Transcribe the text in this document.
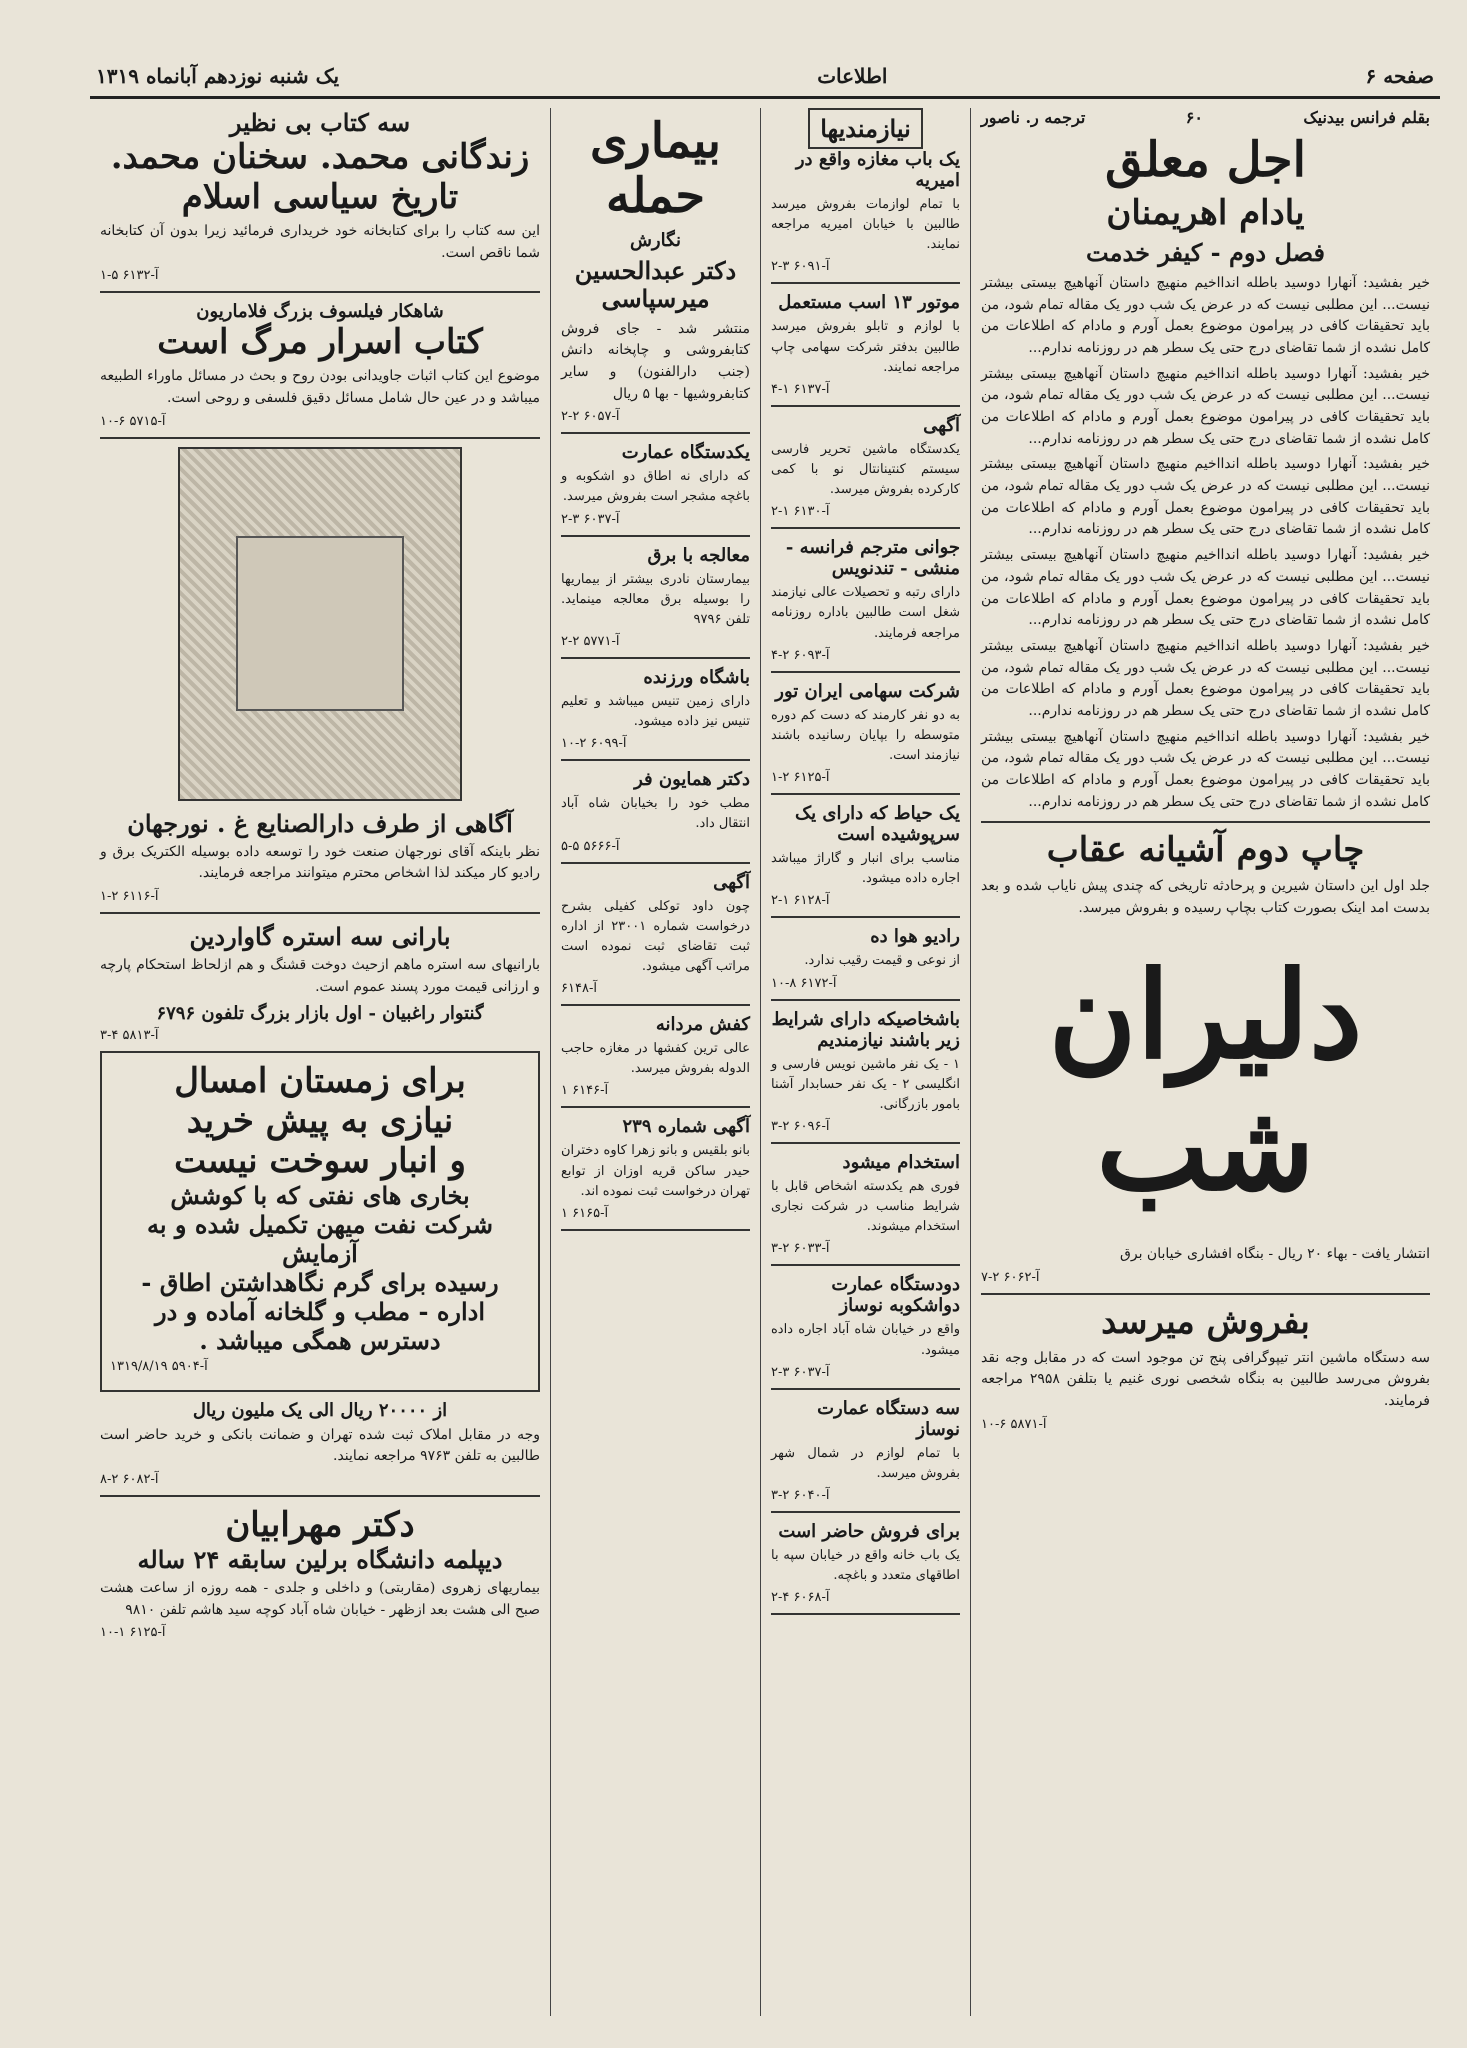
صفحه ۶
اطلاعات
یک شنبه نوزدهم آبانماه ۱۳۱۹
بقلم فرانس بیدنیک
۶۰
ترجمه ر. ناصور
اجل معلق
یادام اهریمنان
فصل دوم - کیفر خدمت

خیر بفشید: آنهارا دوسید باطله اندااخیم منهیچ داستان آنهاهیچ بیستی بیشتر نیست... این مطلبی نیست که در عرض یک شب دور یک مقاله تمام شود، من باید تحقیقات کافی در پیرامون موضوع بعمل آورم و مادام که اطلاعات من کامل نشده از شما تقاضای درج حتی یک سطر هم در روزنامه ندارم...

خیر بفشید: آنهارا دوسید باطله اندااخیم منهیچ داستان آنهاهیچ بیستی بیشتر نیست... این مطلبی نیست که در عرض یک شب دور یک مقاله تمام شود، من باید تحقیقات کافی در پیرامون موضوع بعمل آورم و مادام که اطلاعات من کامل نشده از شما تقاضای درج حتی یک سطر هم در روزنامه ندارم...

خیر بفشید: آنهارا دوسید باطله اندااخیم منهیچ داستان آنهاهیچ بیستی بیشتر نیست... این مطلبی نیست که در عرض یک شب دور یک مقاله تمام شود، من باید تحقیقات کافی در پیرامون موضوع بعمل آورم و مادام که اطلاعات من کامل نشده از شما تقاضای درج حتی یک سطر هم در روزنامه ندارم...

خیر بفشید: آنهارا دوسید باطله اندااخیم منهیچ داستان آنهاهیچ بیستی بیشتر نیست... این مطلبی نیست که در عرض یک شب دور یک مقاله تمام شود، من باید تحقیقات کافی در پیرامون موضوع بعمل آورم و مادام که اطلاعات من کامل نشده از شما تقاضای درج حتی یک سطر هم در روزنامه ندارم...

خیر بفشید: آنهارا دوسید باطله اندااخیم منهیچ داستان آنهاهیچ بیستی بیشتر نیست... این مطلبی نیست که در عرض یک شب دور یک مقاله تمام شود، من باید تحقیقات کافی در پیرامون موضوع بعمل آورم و مادام که اطلاعات من کامل نشده از شما تقاضای درج حتی یک سطر هم در روزنامه ندارم...

خیر بفشید: آنهارا دوسید باطله اندااخیم منهیچ داستان آنهاهیچ بیستی بیشتر نیست... این مطلبی نیست که در عرض یک شب دور یک مقاله تمام شود، من باید تحقیقات کافی در پیرامون موضوع بعمل آورم و مادام که اطلاعات من کامل نشده از شما تقاضای درج حتی یک سطر هم در روزنامه ندارم...

چاپ دوم آشیانه عقاب

جلد اول این داستان شیرین و پرحادثه تاریخی که چندی پیش نایاب شده و بعد بدست امد اینک بصورت کتاب بچاپ رسیده و بفروش میرسد.

دلیران شب

انتشار یافت - بهاء ۲۰ ریال - بنگاه افشاری خیابان برق

آ-۶۰۶۲ ۲-۷
بفروش میرسد

سه دستگاه ماشین انتر تیپوگرافی پنج تن موجود است که در مقابل وجه نقد بفروش می‌رسد طالبین به بنگاه شخصی نوری غنیم یا بتلفن ۲۹۵۸ مراجعه فرمایند.

آ-۵۸۷۱ ۶-۱۰
نیازمندیها
یک باب مغازه واقع در امیریه

با تمام لوازمات بفروش میرسد طالبین با خیابان امیریه مراجعه نمایند.

آ-۶۰۹۱ ۳-۲
موتور ۱۳ اسب مستعمل

با لوازم و تابلو بفروش میرسد طالبین بدفتر شرکت سهامی چاپ مراجعه نمایند.

آ-۶۱۳۷ ۱-۴
آگهی

یکدستگاه ماشین تحریر فارسی سیستم کنتینانتال نو با کمی کارکرده بفروش میرسد.

آ-۶۱۳۰ ۱-۲
جوانی مترجم فرانسه - منشی - تندنویس

دارای رتبه و تحصیلات عالی نیازمند شغل است طالبین باداره روزنامه مراجعه فرمایند.

آ-۶۰۹۳ ۲-۴
شرکت سهامی ایران تور

به دو نفر کارمند که دست کم دوره متوسطه را بپایان رسانیده باشند نیازمند است.

آ-۶۱۲۵ ۲-۱
یک حیاط که دارای یک سرپوشیده است

مناسب برای انبار و گاراژ میباشد اجاره داده میشود.

آ-۶۱۲۸ ۱-۲
رادیو هوا ده

از نوعی و قیمت رقیب ندارد.

آ-۶۱۷۲ ۸-۱۰
باشخاصیکه دارای شرایط زیر باشند نیازمندیم

۱ - یک نفر ماشین نویس فارسی و انگلیسی ۲ - یک نفر حسابدار آشنا بامور بازرگانی.

آ-۶۰۹۶ ۲-۳
استخدام میشود

فوری هم یکدسته اشخاص قابل با شرایط مناسب در شرکت نجاری استخدام میشوند.

آ-۶۰۳۳ ۲-۳
دودستگاه عمارت دواشکوبه نوساز

واقع در خیابان شاه آباد اجاره داده میشود.

آ-۶۰۳۷ ۳-۲
سه دستگاه عمارت نوساز

با تمام لوازم در شمال شهر بفروش میرسد.

آ-۶۰۴۰ ۲-۳
برای فروش حاضر است

یک باب خانه واقع در خیابان سپه با اطاقهای متعدد و باغچه.

آ-۶۰۶۸ ۴-۲
بیماری حمله
نگارش
دکتر عبدالحسین میرسپاسی

منتشر شد - جای فروش کتابفروشی و چاپخانه دانش (جنب دارالفنون) و سایر کتابفروشیها - بها ۵ ریال

آ-۶۰۵۷ ۲-۲
یکدستگاه عمارت

که دارای نه اطاق دو اشکوبه و باغچه مشجر است بفروش میرسد.

آ-۶۰۳۷ ۳-۲
معالجه با برق

بیمارستان نادری بیشتر از بیماریها را بوسیله برق معالجه مینماید. تلفن ۹۷۹۶

آ-۵۷۷۱ ۲-۲
باشگاه ورزنده

دارای زمین تنیس میباشد و تعلیم تنیس نیز داده میشود.

آ-۶۰۹۹ ۲-۱۰
دکتر همایون فر

مطب خود را بخیابان شاه آباد انتقال داد.

آ-۵۶۶۶ ۵-۵
آگهی

چون داود توکلی کفیلی بشرح درخواست شماره ۲۳۰۰۱ از اداره ثبت تقاضای ثبت نموده است مراتب آگهی میشود.

آ-۶۱۴۸
کفش مردانه

عالی ترین کفشها در مغازه حاجب الدوله بفروش میرسد.

آ-۶۱۴۶ ۱
آگهی شماره ۲۳۹

بانو بلقیس و بانو زهرا کاوه دختران حیدر ساکن قریه اوزان از توابع تهران درخواست ثبت نموده اند.

آ-۶۱۶۵ ۱
سه کتاب بی نظیر
زندگانی محمد. سخنان محمد. تاریخ سیاسی اسلام

این سه کتاب را برای کتابخانه خود خریداری فرمائید زیرا بدون آن کتابخانه شما ناقص است.

آ-۶۱۳۲ ۵-۱
شاهکار فیلسوف بزرگ فلاماریون
کتاب اسرار مرگ است

موضوع این کتاب اثبات جاویدانی بودن روح و بحث در مسائل ماوراء الطبیعه میباشد و در عین حال شامل مسائل دقیق فلسفی و روحی است.

آ-۵۷۱۵ ۶-۱۰
آگاهی از طرف دارالصنایع غ . نورجهان

نظر باینکه آقای نورجهان صنعت خود را توسعه داده بوسیله الکتریک برق و رادیو کار میکند لذا اشخاص محترم میتوانند مراجعه فرمایند.

آ-۶۱۱۶ ۲-۱
بارانی سه استره گاواردین

بارانیهای سه استره ماهم ازحیث دوخت قشنگ و هم ازلحاظ استحکام پارچه و ارزانی قیمت مورد پسند عموم است.

گنتوار راغبیان - اول بازار بزرگ تلفون ۶۷۹۶
آ-۵۸۱۳ ۴-۳
برای زمستان امسال
نیازی به پیش خرید
و انبار سوخت نیست
بخاری های نفتی که با کوشش
شرکت نفت میهن تکمیل شده و به آزمایش
رسیده برای گرم نگاهداشتن اطاق -
اداره - مطب و گلخانه آماده و در
دسترس همگی میباشد .
آ-۵۹۰۴ ۱۳۱۹/۸/۱۹
از ۲۰۰۰۰ ریال الی یک ملیون ریال

وجه در مقابل املاک ثبت شده تهران و ضمانت بانکی و خرید حاضر است طالبین به تلفن ۹۷۶۳ مراجعه نمایند.

آ-۶۰۸۲ ۲-۸
دکتر مهرابیان
دیپلمه دانشگاه برلین سابقه ۲۴ ساله

بیماریهای زهروی (مقاربتی) و داخلی و جلدی - همه روزه از ساعت هشت صبح الی هشت بعد ازظهر - خیابان شاه آباد کوچه سید هاشم تلفن ۹۸۱۰

آ-۶۱۲۵ ۱-۱۰
